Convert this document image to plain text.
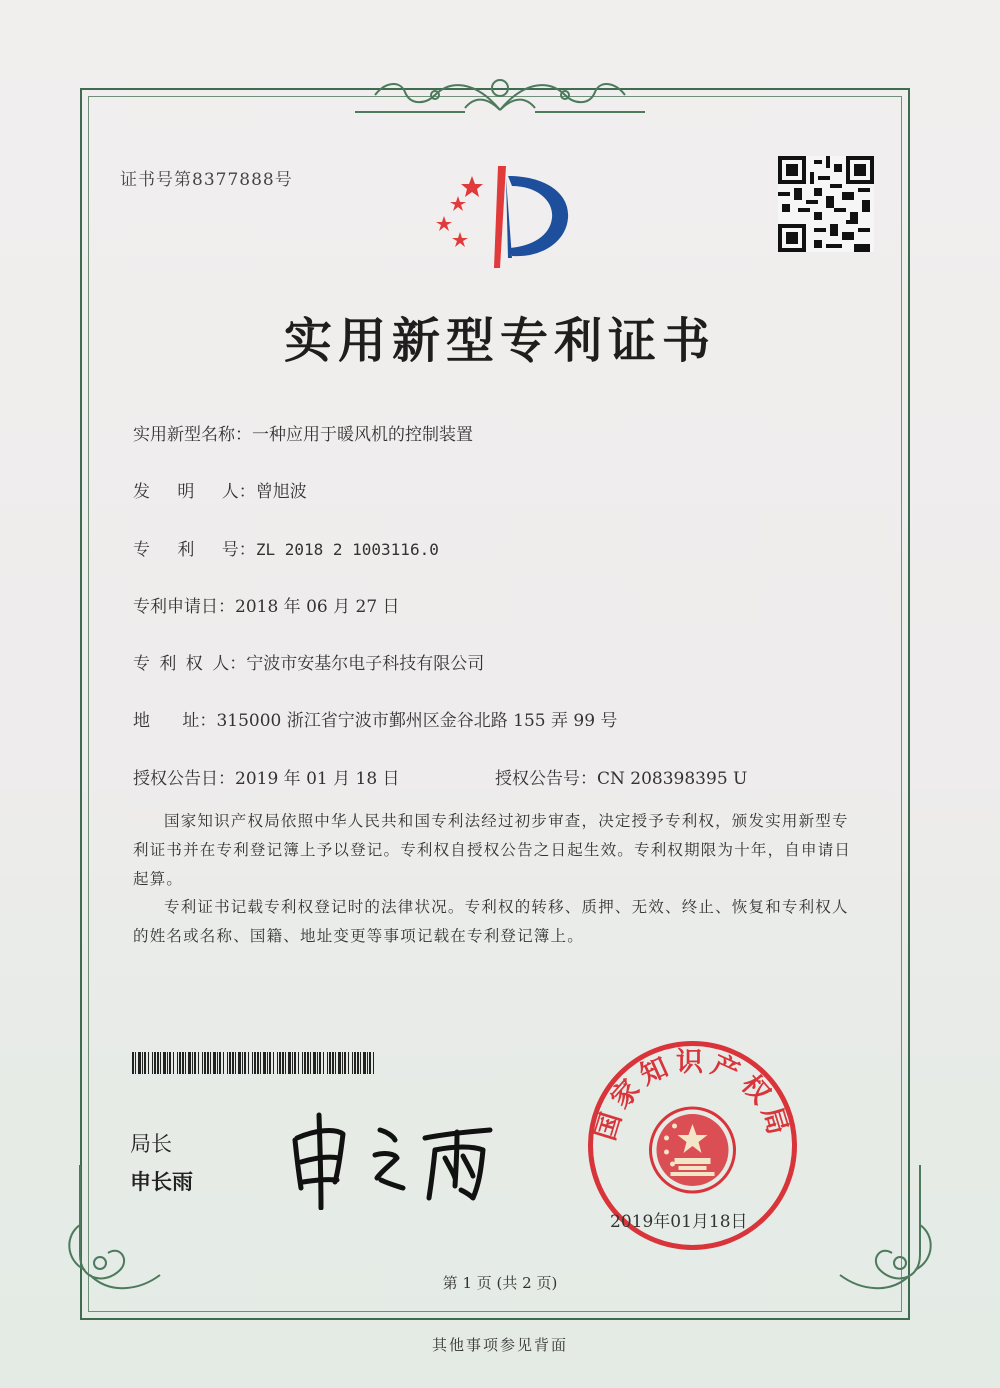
证书号第8377888号
实用新型专利证书
实用新型名称：一种应用于暖风机的控制装置
发 明 人：曾旭波
专 利 号：ZL 2018 2 1003116.0
专利申请日：2018 年 06 月 27 日
专 利 权 人：宁波市安基尔电子科技有限公司
地      址：315000 浙江省宁波市鄞州区金谷北路 155 弄 99 号
授权公告日：2019 年 01 月 18 日	授权公告号：CN 208398395 U
国家知识产权局依照中华人民共和国专利法经过初步审查，决定授予专利权，颁发实用新型专利证书并在专利登记簿上予以登记。专利权自授权公告之日起生效。专利权期限为十年，自申请日起算。
专利证书记载专利权登记时的法律状况。专利权的转移、质押、无效、终止、恢复和专利权人的姓名或名称、国籍、地址变更等事项记载在专利登记簿上。
局长
申长雨
国家知识产权局
2019年01月18日
第 1 页 (共 2 页)
其他事项参见背面
